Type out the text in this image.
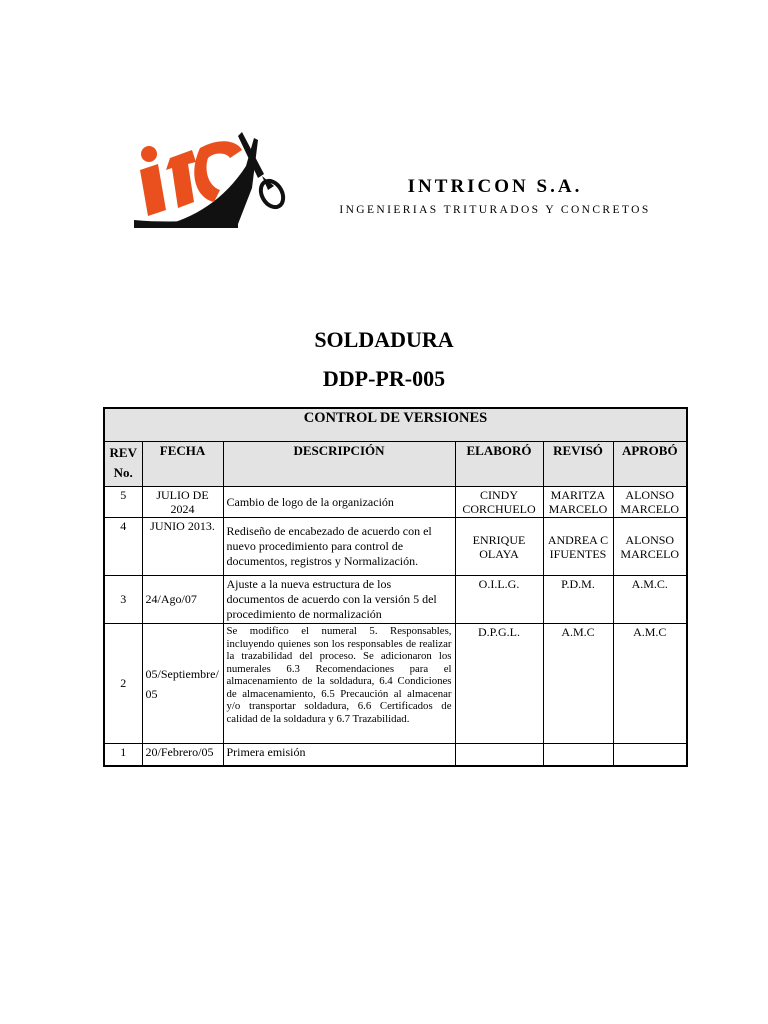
INTRICON S.A.
INGENIERIAS TRITURADOS Y CONCRETOS
SOLDADURA
DDP-PR-005
CONTROL DE VERSIONES					
REV
No.	FECHA	DESCRIPCIÓN	ELABORÓ	REVISÓ	APROBÓ
5	JULIO DE 2024	Cambio de logo de la organización	CINDY CORCHUELO	MARITZA MARCELO	ALONSO MARCELO
4	JUNIO 2013.	Rediseño de encabezado de acuerdo con el nuevo procedimiento para control de documentos, registros y Normalización.	ENRIQUE OLAYA	ANDREA CIFUENTES	ALONSO MARCELO
3	24/Ago/07	Ajuste a la nueva estructura de los documentos de acuerdo con la versión 5 del procedimiento de normalización	O.I.L.G.	P.D.M.	A.M.C.
2	05/Septiembre/ 05	Se modifico el numeral 5. Responsables, incluyendo quienes son los responsables de realizar la trazabilidad del proceso. Se adicionaron los numerales 6.3 Recomendaciones para el almacenamiento de la soldadura, 6.4 Condiciones de almacenamiento, 6.5 Precaución al almacenar y/o transportar soldadura, 6.6 Certificados de calidad de la soldadura y 6.7 Trazabilidad.	D.P.G.L.	A.M.C	A.M.C
1	20/Febrero/05	Primera emisión			
